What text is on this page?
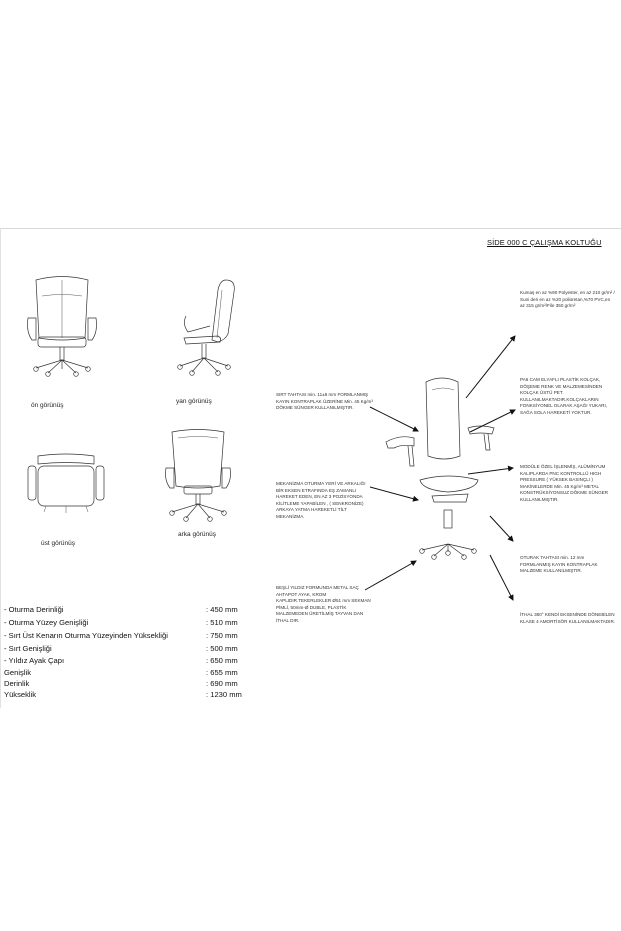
SİDE 000 C ÇALIŞMA KOLTUĞU
ön görünüş
yan görünüş
üst görünüş
arka görünüş
Kumaş en az %90 Polyester, en az 210 gr/m² / Suni deri en az %20 poliüretan,%70 PVC,en az 315 gr/m²/File 350 gr/m²
PA6 CAM ELYAFLI PLASTİK KOLÇAK, DÖŞEME RENK VE MALZEMESİNDEN KOLÇAK ÜSTÜ PET KULLANILMAKTADIR.KOLÇAKLARIN FONKSİYONEL OLARAK AŞAĞI YUKARI, SAĞA SOLA HAREKETİ YOKTUR.
SIRT TAHTASI min. 11±6 mm FORMLANMIŞ KAYIN KONTRAPLAK ÜZERİNE Min. 45 Kg/m³ DÖKME SÜNGER KULLANILMIŞTIR.
MEKANİZMA OTURMA YERİ VE ARKALIĞI BİR EKSEN ETRAFINDA EŞ ZAMANLI HAREKET EDEN, EN AZ 3 POZİSYONDA KİLİTLEME YAPABİLEN , ( SENKRONİZE) ARKAYA YATMA HAREKETLİ TİLT MEKANİZMA.
MODÜLE ÖZEL İŞLENMİŞ, ALÜMİNYUM KALIPLARDA PNC KONTROLLÜ HIGH PRESSURE ( YÜKSEK BASINÇLI ) MAKİNELERDE Min. 45 Kg/m³ METAL KONSTRÜKSİYONSUZ DÖKME SÜNGER KULLANILMIŞTIR.
OTURAK TAHTASI min. 12 mm FORMLANMIŞ KAYIN KONTRAPLAK MALZEME KULLANILMIŞTIR.
BEŞLİ YILDIZ FORMUNDA METAL SAÇ AHTAPOT AYAK, KROM KAPLIDIR.TEKERLEKLER Ø51 mm SEKMAN PİMLİ, 50mm-Ø DUBLE, PLASTİK MALZEMEDEN ÜRETİLMİŞ TAYVAN DAN İTHAL DIR.
İTHAL 360° KENDİ EKSENİNDE DÖNEBİLEN KLASE 4 AMORTİSÖR KULLANILMAKTADIR.
- Oturma Derinliği	: 450 mm
- Oturma Yüzey Genişliği	: 510 mm
- Sırt Üst Kenarın Oturma Yüzeyinden Yüksekliği	: 750 mm
- Sırt Genişliği	: 500 mm
- Yıldız Ayak Çapı	: 650 mm
Genişlik	: 655 mm
Derinlik	: 690 mm
Yükseklik	: 1230 mm
